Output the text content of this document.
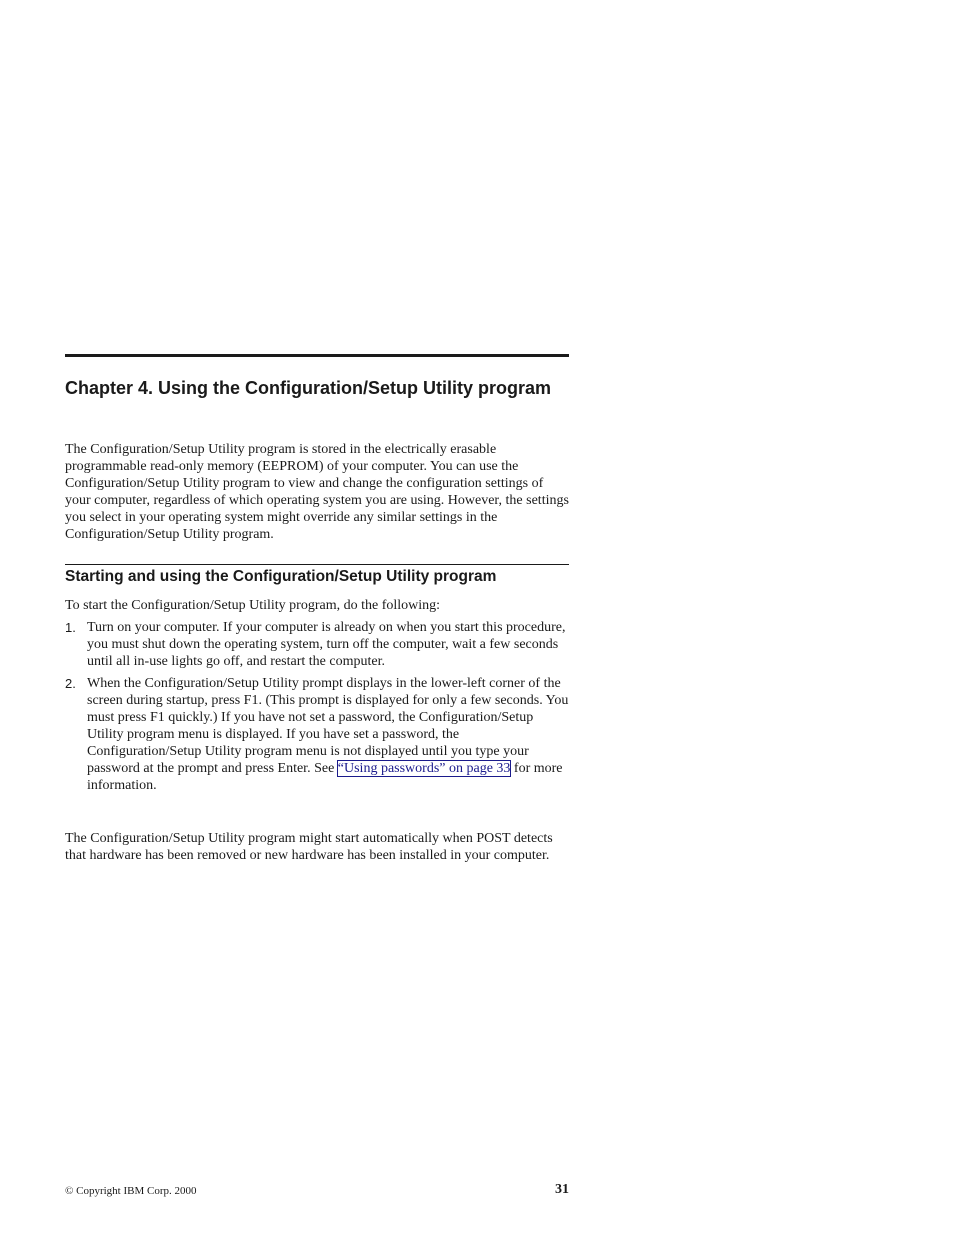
Chapter 4. Using the Configuration/Setup Utility program

The Configuration/Setup Utility program is stored in the electrically erasable programmable read-only memory (EEPROM) of your computer. You can use the Configuration/Setup Utility program to view and change the configuration settings of your computer, regardless of which operating system you are using. However, the settings you select in your operating system might override any similar settings in the Configuration/Setup Utility program.

Starting and using the Configuration/Setup Utility program

To start the Configuration/Setup Utility program, do the following:

1. Turn on your computer. If your computer is already on when you start this procedure, you must shut down the operating system, turn off the computer, wait a few seconds until all in-use lights go off, and restart the computer.
2. When the Configuration/Setup Utility prompt displays in the lower-left corner of the screen during startup, press F1. (This prompt is displayed for only a few seconds. You must press F1 quickly.) If you have not set a password, the Configuration/Setup Utility program menu is displayed. If you have set a password, the Configuration/Setup Utility program menu is not displayed until you type your password at the prompt and press Enter. See “Using passwords” on page 33 for more information.

The Configuration/Setup Utility program might start automatically when POST detects that hardware has been removed or new hardware has been installed in your computer.

© Copyright IBM Corp. 2000	31
